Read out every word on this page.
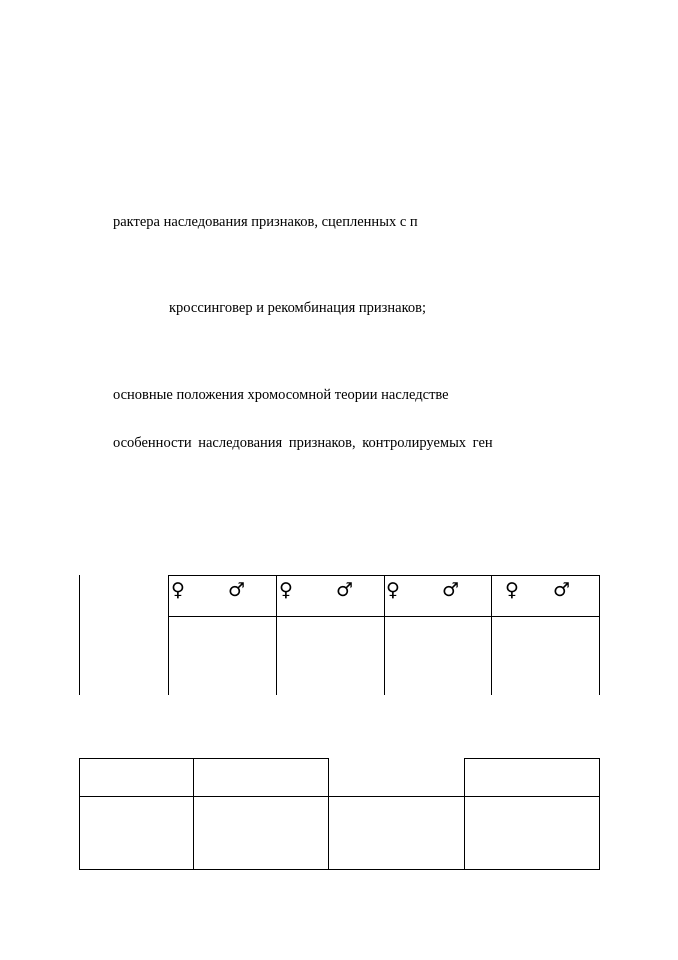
рактера наследования признаков, сцепленных с п
кроссинговер и рекомбинация признаков;
основные положения хромосомной теории наследстве
особенности наследования признаков, контролируемых ген
♀ ♂ ♀ ♂ ♀ ♂ ♀ ♂
